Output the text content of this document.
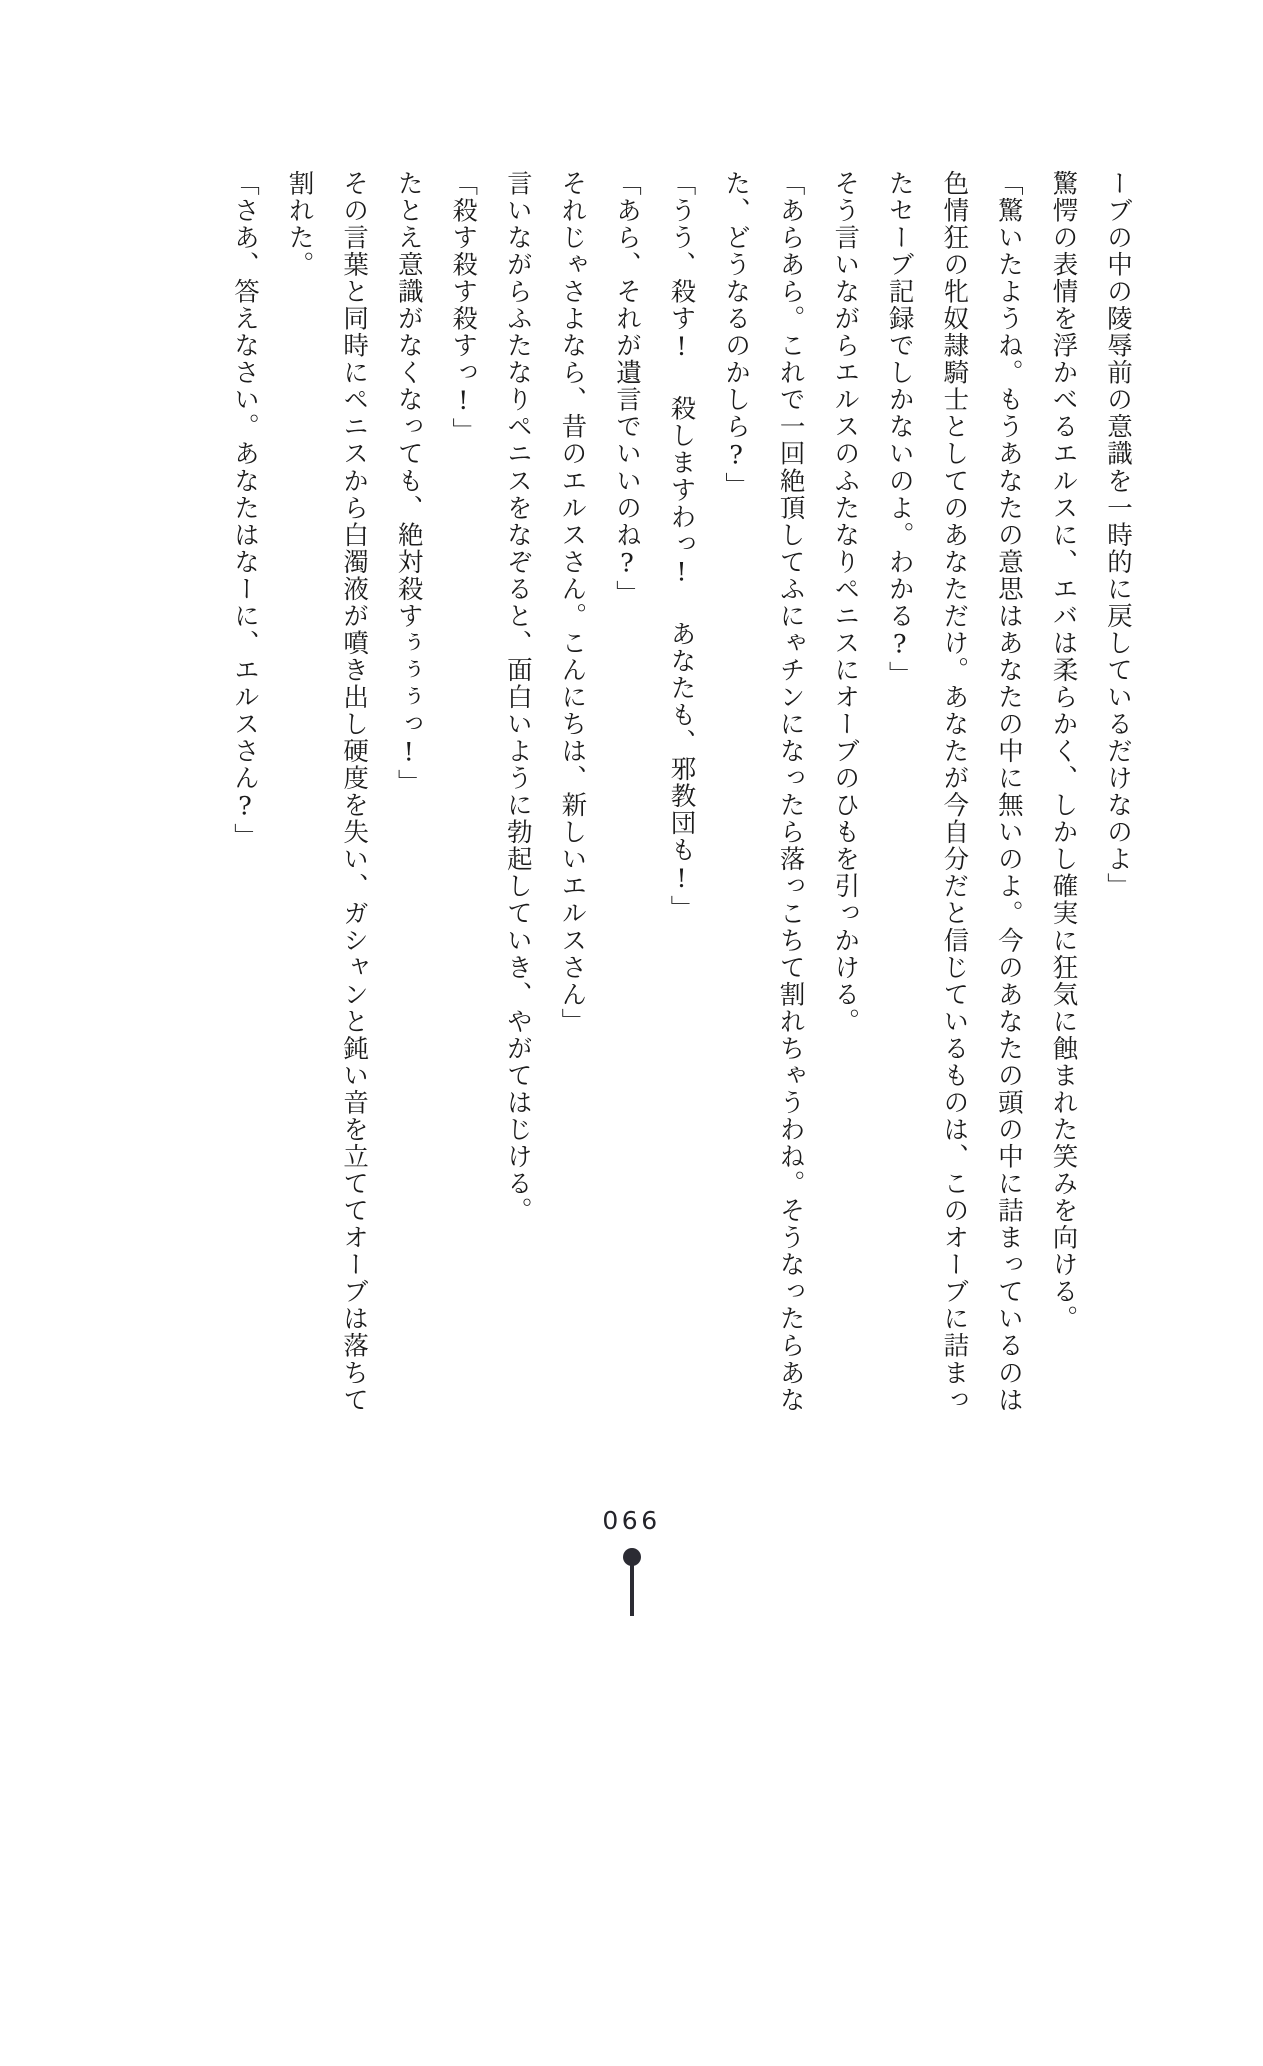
ーブの中の陵辱前の意識を一時的に戻しているだけなのよ」

驚愕の表情を浮かべるエルスに、エバは柔らかく、しかし確実に狂気に蝕まれた笑みを向ける。

「驚いたようね。もうあなたの意思はあなたの中に無いのよ。今のあなたの頭の中に詰まっているのは色情狂の牝奴隷騎士としてのあなただけ。あなたが今自分だと信じているものは、このオーブに詰まったセーブ記録でしかないのよ。わかる?」

そう言いながらエルスのふたなりペニスにオーブのひもを引っかける。

「あらあら。これで一回絶頂してふにゃチンになったら落っこちて割れちゃうわね。そうなったらあなた、どうなるのかしら?」

「うう、殺す! 殺しますわっ! あなたも、邪教団も!」

「あら、それが遺言でいいのね?」

それじゃさよなら、昔のエルスさん。こんにちは、新しいエルスさん」

言いながらふたなりペニスをなぞると、面白いように勃起していき、やがてはじける。

「殺す殺す殺すっ!」

たとえ意識がなくなっても、絶対殺すぅぅぅっ!」

その言葉と同時にペニスから白濁液が噴き出し硬度を失い、ガシャンと鈍い音を立ててオーブは落ちて割れた。

「さあ、答えなさい。あなたはなーに、エルスさん?」

066
